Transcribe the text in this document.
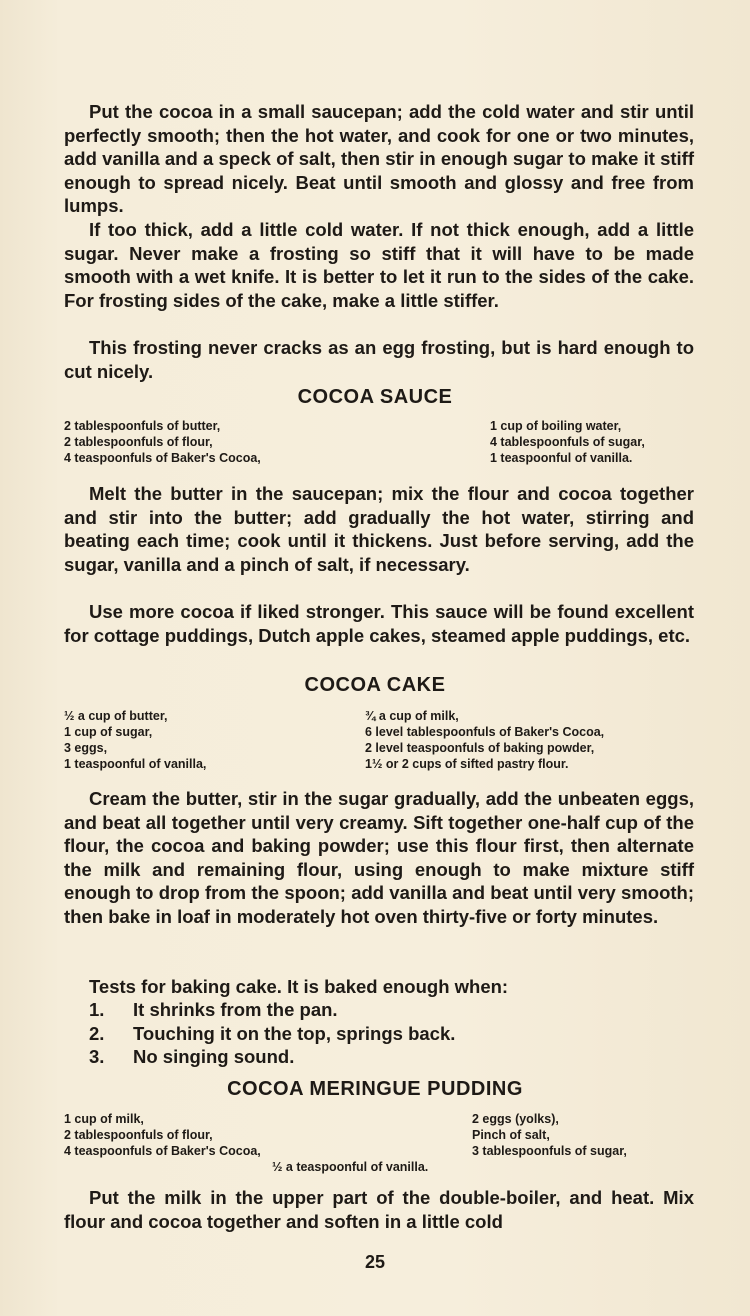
Put the cocoa in a small saucepan; add the cold water and stir until perfectly smooth; then the hot water, and cook for one or two minutes, add vanilla and a speck of salt, then stir in enough sugar to make it stiff enough to spread nicely. Beat until smooth and glossy and free from lumps.

If too thick, add a little cold water. If not thick enough, add a little sugar. Never make a frosting so stiff that it will have to be made smooth with a wet knife. It is better to let it run to the sides of the cake. For frosting sides of the cake, make a little stiffer.

This frosting never cracks as an egg frosting, but is hard enough to cut nicely.

COCOA SAUCE
2 tablespoonfuls of butter,
2 tablespoonfuls of flour,
4 teaspoonfuls of Baker's Cocoa,
1 cup of boiling water,
4 tablespoonfuls of sugar,
1 teaspoonful of vanilla.

Melt the butter in the saucepan; mix the flour and cocoa together and stir into the butter; add gradually the hot water, stirring and beating each time; cook until it thickens. Just before serving, add the sugar, vanilla and a pinch of salt, if necessary.

Use more cocoa if liked stronger. This sauce will be found excellent for cottage puddings, Dutch apple cakes, steamed apple puddings, etc.

COCOA CAKE
½ a cup of butter,
1 cup of sugar,
3 eggs,
1 teaspoonful of vanilla,
¾ a cup of milk,
6 level tablespoonfuls of Baker's Cocoa,
2 level teaspoonfuls of baking powder,
1½ or 2 cups of sifted pastry flour.

Cream the butter, stir in the sugar gradually, add the unbeaten eggs, and beat all together until very creamy. Sift together one-half cup of the flour, the cocoa and baking powder; use this flour first, then alternate the milk and remaining flour, using enough to make mixture stiff enough to drop from the spoon; add vanilla and beat until very smooth; then bake in loaf in moderately hot oven thirty-five or forty minutes.

Tests for baking cake. It is baked enough when:

1. It shrinks from the pan.
2. Touching it on the top, springs back.
3. No singing sound.
COCOA MERINGUE PUDDING
1 cup of milk,
2 tablespoonfuls of flour,
4 teaspoonfuls of Baker's Cocoa,
2 eggs (yolks),
Pinch of salt,
3 tablespoonfuls of sugar,
½ a teaspoonful of vanilla.

Put the milk in the upper part of the double-boiler, and heat. Mix flour and cocoa together and soften in a little cold

25
